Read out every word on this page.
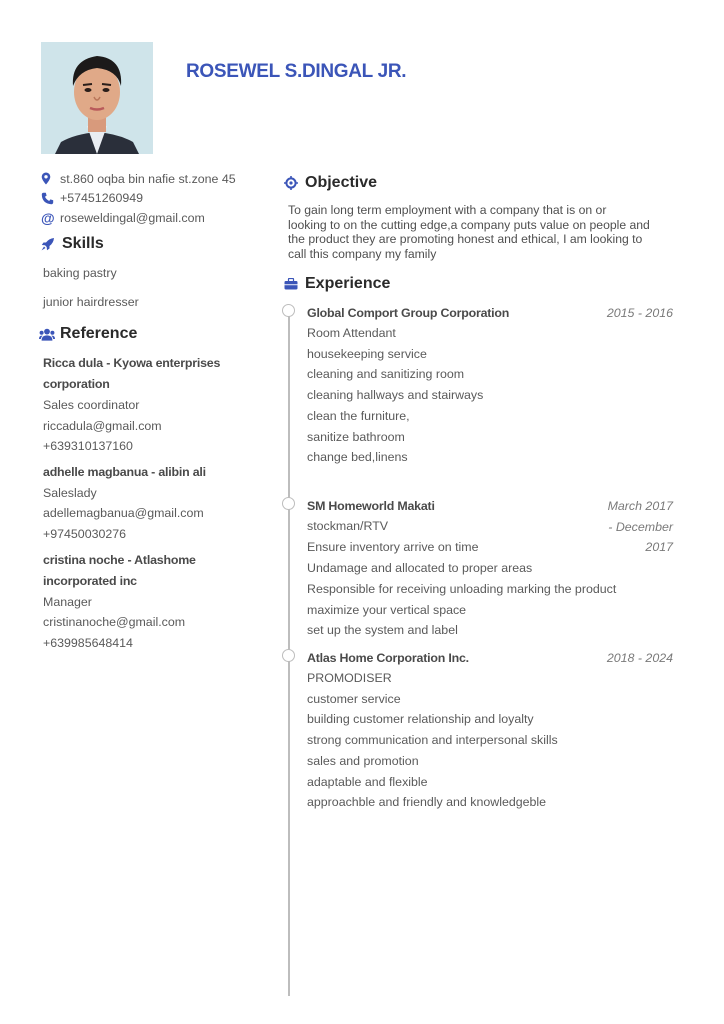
ROSEWEL S.DINGAL JR.
st.860 oqba bin nafie st.zone 45
+57451260949
@ roseweldingal@gmail.com
Skills
baking pastry
junior hairdresser
Reference
Ricca dula - Kyowa enterprises
corporation
Sales coordinator
riccadula@gmail.com
+639310137160
adhelle magbanua - alibin ali
Saleslady
adellemagbanua@gmail.com
+97450030276
cristina noche - Atlashome
incorporated inc
Manager
cristinanoche@gmail.com
+639985648414
Objective
To gain long term employment with a company that is on or
looking to on the cutting edge,a company puts value on people and
the product they are promoting honest and ethical, I am looking to
call this company my family
Experience
Global Comport Group Corporation	2015 - 2016
Room Attendant
housekeeping service
cleaning and sanitizing room
cleaning hallways and stairways
clean the furniture,
sanitize bathroom
change bed,linens
SM Homeworld Makati
stockman/RTV
Ensure inventory arrive on time
March 2017
- December
2017
Undamage and allocated to proper areas
Responsible for receiving unloading marking the product
maximize your vertical space
set up the system and label
Atlas Home Corporation Inc.	2018 - 2024
PROMODISER
customer service
building customer relationship and loyalty
strong communication and interpersonal skills
sales and promotion
adaptable and flexible
approachble and friendly and knowledgeble
